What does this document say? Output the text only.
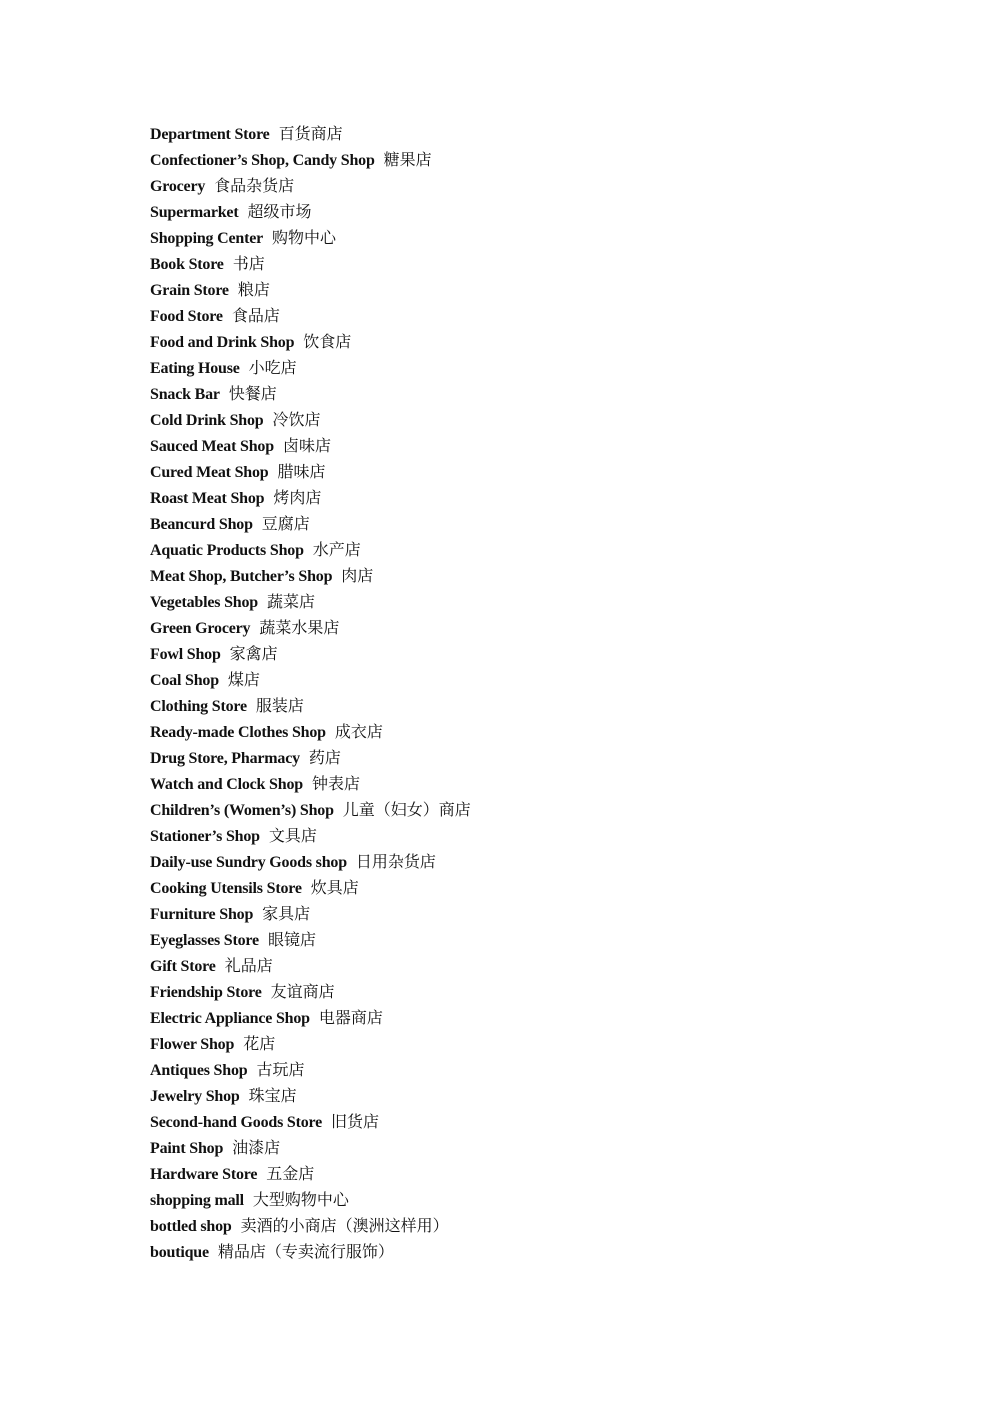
Department Store 百货商店
Confectioner’s Shop, Candy Shop 糖果店
Grocery 食品杂货店
Supermarket 超级市场
Shopping Center 购物中心
Book Store 书店
Grain Store 粮店
Food Store 食品店
Food and Drink Shop 饮食店
Eating House 小吃店
Snack Bar 快餐店
Cold Drink Shop 冷饮店
Sauced Meat Shop 卤味店
Cured Meat Shop 腊味店
Roast Meat Shop 烤肉店
Beancurd Shop 豆腐店
Aquatic Products Shop 水产店
Meat Shop, Butcher’s Shop 肉店
Vegetables Shop 蔬菜店
Green Grocery 蔬菜水果店
Fowl Shop 家禽店
Coal Shop 煤店
Clothing Store 服装店
Ready-made Clothes Shop 成衣店
Drug Store, Pharmacy 药店
Watch and Clock Shop 钟表店
Children’s (Women’s) Shop 儿童（妇女）商店
Stationer’s Shop 文具店
Daily-use Sundry Goods shop 日用杂货店
Cooking Utensils Store 炊具店
Furniture Shop 家具店
Eyeglasses Store 眼镜店
Gift Store 礼品店
Friendship Store 友谊商店
Electric Appliance Shop 电器商店
Flower Shop 花店
Antiques Shop 古玩店
Jewelry Shop 珠宝店
Second-hand Goods Store 旧货店
Paint Shop 油漆店
Hardware Store 五金店
shopping mall 大型购物中心
bottled shop 卖酒的小商店（澳洲这样用）
boutique 精品店（专卖流行服饰）
